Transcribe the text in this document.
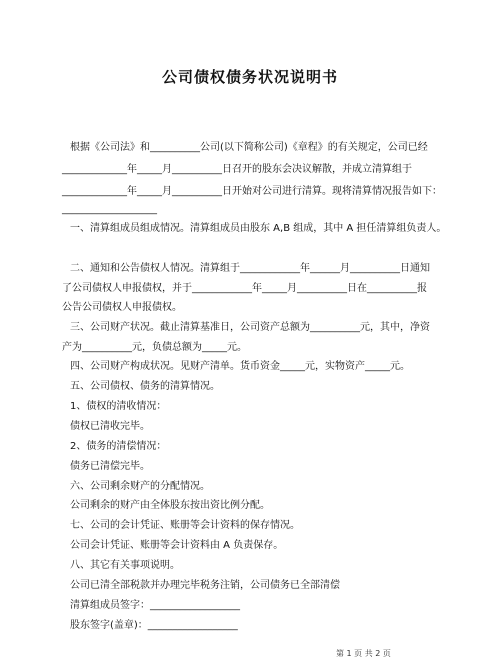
公司债权债务状况说明书
根据《公司法》和__________公司(以下简称公司)《章程》的有关规定，公司已经
_____________年_____月__________日召开的股东会决议解散，并成立清算组于
_____________年_____月__________日开始对公司进行清算。现将清算情况报告如下：
___________________
一、清算组成员组成情况。清算组成员由股东 A,B 组成，其中 A 担任清算组负责人。
二、通知和公告债权人情况。清算组于____________年______月__________日通知
了公司债权人申报债权，并于____________年_____月__________日在__________报
公告公司债权人申报债权。
三、公司财产状况。截止清算基准日，公司资产总额为__________元，其中，净资
产为__________元，负债总额为_____元。
四、公司财产构成状况。见财产清单。货币资金_____元，实物资产_____元。
五、公司债权、债务的清算情况。
1、债权的清收情况：
债权已清收完毕。
2、债务的清偿情况：
债务已清偿完毕。
六、公司剩余财产的分配情况。
公司剩余的财产由全体股东按出资比例分配。
七、公司的会计凭证、账册等会计资料的保存情况。
公司会计凭证、账册等会计资料由 A 负责保存。
八、其它有关事项说明。
公司已清全部税款并办理完毕税务注销，公司债务已全部清偿
清算组成员签字：__________________
股东签字(盖章)：__________________
第 1 页 共 2 页
